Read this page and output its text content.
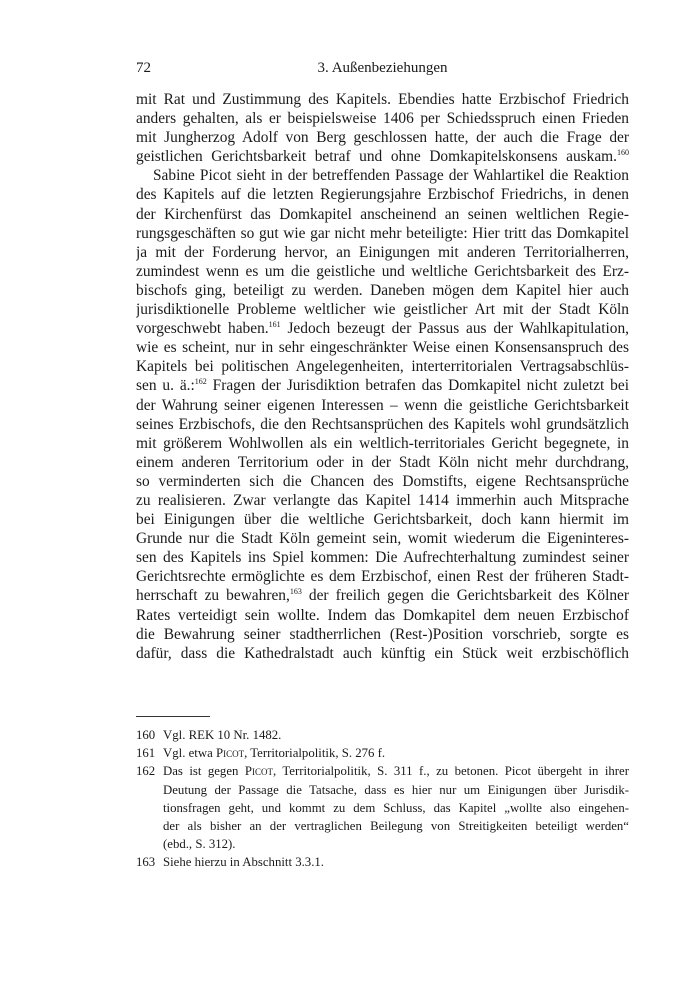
72	3. Außenbeziehungen
mit Rat und Zustimmung des Kapitels. Ebendies hatte Erzbischof Friedrich
anders gehalten, als er beispielsweise 1406 per Schiedsspruch einen Frieden
mit Jungherzog Adolf von Berg geschlossen hatte, der auch die Frage der
geistlichen Gerichtsbarkeit betraf und ohne Domkapitelskonsens auskam.$^{160}$
Sabine Picot sieht in der betreffenden Passage der Wahlartikel die Reaktion
des Kapitels auf die letzten Regierungsjahre Erzbischof Friedrichs, in denen
der Kirchenfürst das Domkapitel anscheinend an seinen weltlichen Regie-
rungsgeschäften so gut wie gar nicht mehr beteiligte: Hier tritt das Domkapitel
ja mit der Forderung hervor, an Einigungen mit anderen Territorialherren,
zumindest wenn es um die geistliche und weltliche Gerichtsbarkeit des Erz-
bischofs ging, beteiligt zu werden. Daneben mögen dem Kapitel hier auch
jurisdiktionelle Probleme weltlicher wie geistlicher Art mit der Stadt Köln
vorgeschwebt haben.$^{161}$ Jedoch bezeugt der Passus aus der Wahlkapitulation,
wie es scheint, nur in sehr eingeschränkter Weise einen Konsensanspruch des
Kapitels bei politischen Angelegenheiten, interterritorialen Vertragsabschlüs-
sen u. ä.:$^{162}$ Fragen der Jurisdiktion betrafen das Domkapitel nicht zuletzt bei
der Wahrung seiner eigenen Interessen – wenn die geistliche Gerichtsbarkeit
seines Erzbischofs, die den Rechtsansprüchen des Kapitels wohl grundsätzlich
mit größerem Wohlwollen als ein weltlich-territoriales Gericht begegnete, in
einem anderen Territorium oder in der Stadt Köln nicht mehr durchdrang,
so verminderten sich die Chancen des Domstifts, eigene Rechtsansprüche
zu realisieren. Zwar verlangte das Kapitel 1414 immerhin auch Mitsprache
bei Einigungen über die weltliche Gerichtsbarkeit, doch kann hiermit im
Grunde nur die Stadt Köln gemeint sein, womit wiederum die Eigeninteres-
sen des Kapitels ins Spiel kommen: Die Aufrechterhaltung zumindest seiner
Gerichtsrechte ermöglichte es dem Erzbischof, einen Rest der früheren Stadt-
herrschaft zu bewahren,$^{163}$ der freilich gegen die Gerichtsbarkeit des Kölner
Rates verteidigt sein wollte. Indem das Domkapitel dem neuen Erzbischof
die Bewahrung seiner stadtherrlichen (Rest-)Position vorschrieb, sorgte es
dafür, dass die Kathedralstadt auch künftig ein Stück weit erzbischöflich
160 Vgl. REK 10 Nr. 1482.
161 Vgl. etwa Picot, Territorialpolitik, S. 276 f.
162 Das ist gegen Picot, Territorialpolitik, S. 311 f., zu betonen. Picot übergeht in ihrer
Deutung der Passage die Tatsache, dass es hier nur um Einigungen über Jurisdik-
tionsfragen geht, und kommt zu dem Schluss, das Kapitel „wollte also eingehen-
der als bisher an der vertraglichen Beilegung von Streitigkeiten beteiligt werden“
(ebd., S. 312).
163 Siehe hierzu in Abschnitt 3.3.1.
